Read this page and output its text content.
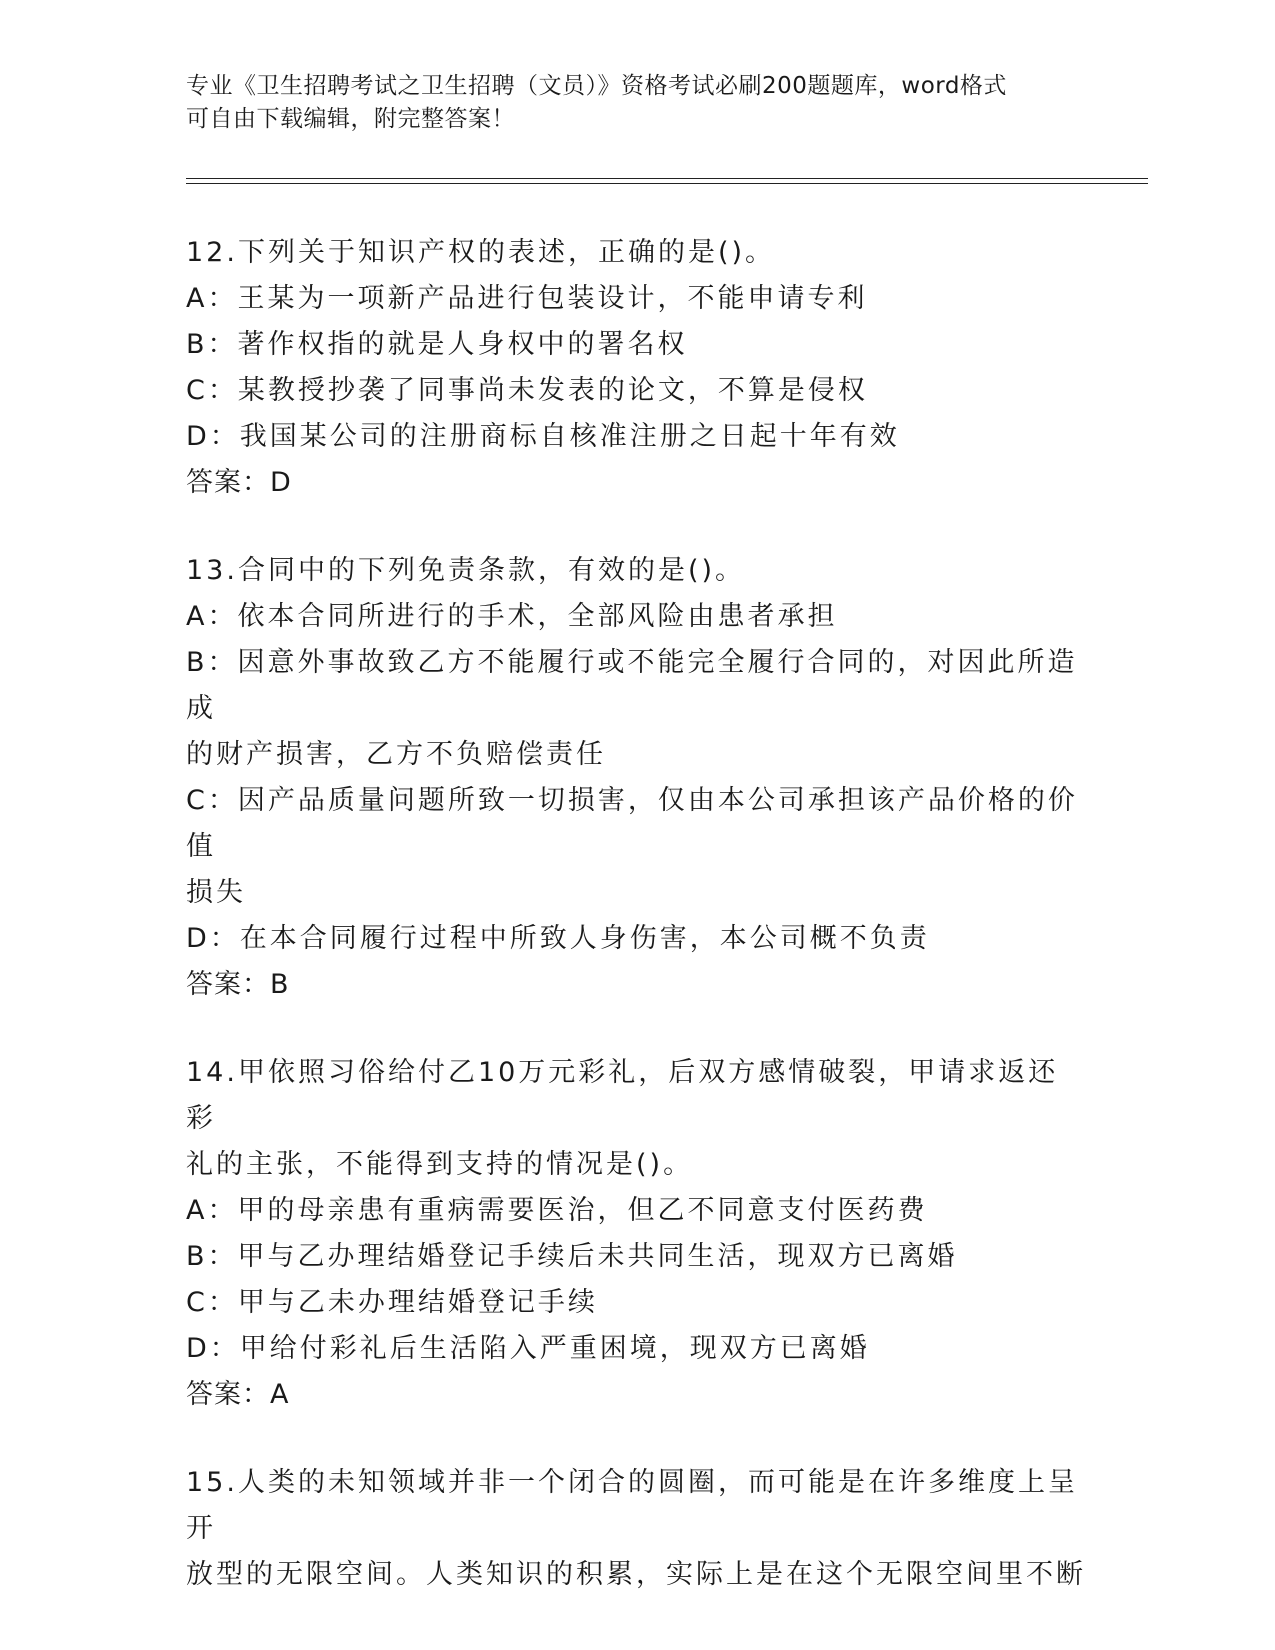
专业《卫生招聘考试之卫生招聘（文员）》资格考试必刷200题题库，word格式
可自由下载编辑，附完整答案！
12.下列关于知识产权的表述，正确的是()。
A：王某为一项新产品进行包装设计，不能申请专利
B：著作权指的就是人身权中的署名权
C：某教授抄袭了同事尚未发表的论文，不算是侵权
D：我国某公司的注册商标自核准注册之日起十年有效
答案：D
13.合同中的下列免责条款，有效的是()。
A：依本合同所进行的手术，全部风险由患者承担
B：因意外事故致乙方不能履行或不能完全履行合同的，对因此所造成
的财产损害，乙方不负赔偿责任
C：因产品质量问题所致一切损害，仅由本公司承担该产品价格的价值
损失
D：在本合同履行过程中所致人身伤害，本公司概不负责
答案：B
14.甲依照习俗给付乙10万元彩礼，后双方感情破裂，甲请求返还彩
礼的主张，不能得到支持的情况是()。
A：甲的母亲患有重病需要医治，但乙不同意支付医药费
B：甲与乙办理结婚登记手续后未共同生活，现双方已离婚
C：甲与乙未办理结婚登记手续
D：甲给付彩礼后生活陷入严重困境，现双方已离婚
答案：A
15.人类的未知领域并非一个闭合的圆圈，而可能是在许多维度上呈开
放型的无限空间。人类知识的积累，实际上是在这个无限空间里不断
